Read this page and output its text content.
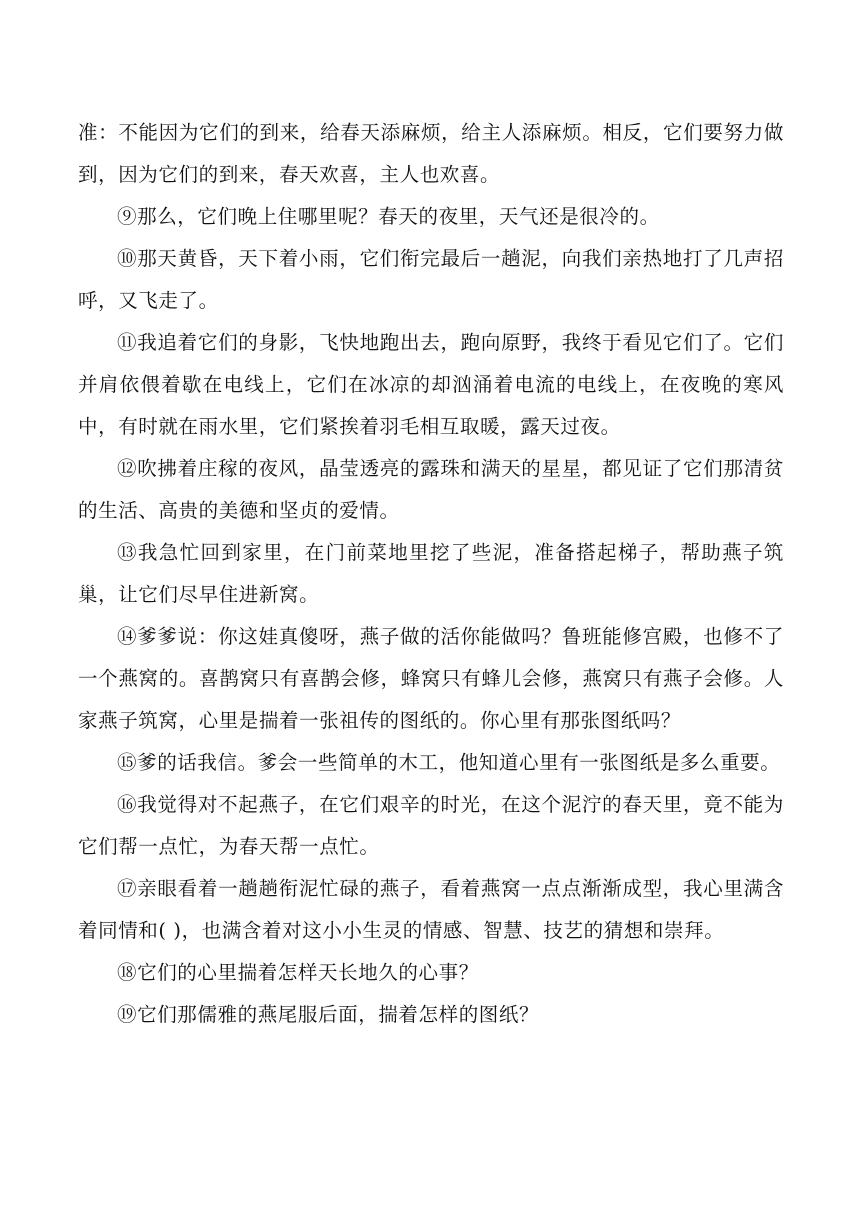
准：不能因为它们的到来，给春天添麻烦，给主人添麻烦。相反，它们要努力做到，因为它们的到来，春天欢喜，主人也欢喜。

⑨那么，它们晚上住哪里呢？春天的夜里，天气还是很冷的。

⑩那天黄昏，天下着小雨，它们衔完最后一趟泥，向我们亲热地打了几声招呼，又飞走了。

⑪我追着它们的身影，飞快地跑出去，跑向原野，我终于看见它们了。它们并肩依偎着歇在电线上，它们在冰凉的却汹涌着电流的电线上，在夜晚的寒风中，有时就在雨水里，它们紧挨着羽毛相互取暖，露天过夜。

⑫吹拂着庄稼的夜风，晶莹透亮的露珠和满天的星星，都见证了它们那清贫的生活、高贵的美德和坚贞的爱情。

⑬我急忙回到家里，在门前菜地里挖了些泥，准备搭起梯子，帮助燕子筑巢，让它们尽早住进新窝。

⑭爹爹说：你这娃真傻呀，燕子做的活你能做吗？鲁班能修宫殿，也修不了一个燕窝的。喜鹊窝只有喜鹊会修，蜂窝只有蜂儿会修，燕窝只有燕子会修。人家燕子筑窝，心里是揣着一张祖传的图纸的。你心里有那张图纸吗？

⑮爹的话我信。爹会一些简单的木工，他知道心里有一张图纸是多么重要。

⑯我觉得对不起燕子，在它们艰辛的时光，在这个泥泞的春天里，竟不能为它们帮一点忙，为春天帮一点忙。

⑰亲眼看着一趟趟衔泥忙碌的燕子，看着燕窝一点点渐渐成型，我心里满含着同情和( )，也满含着对这小小生灵的情感、智慧、技艺的猜想和崇拜。

⑱它们的心里揣着怎样天长地久的心事？

⑲它们那儒雅的燕尾服后面，揣着怎样的图纸？
